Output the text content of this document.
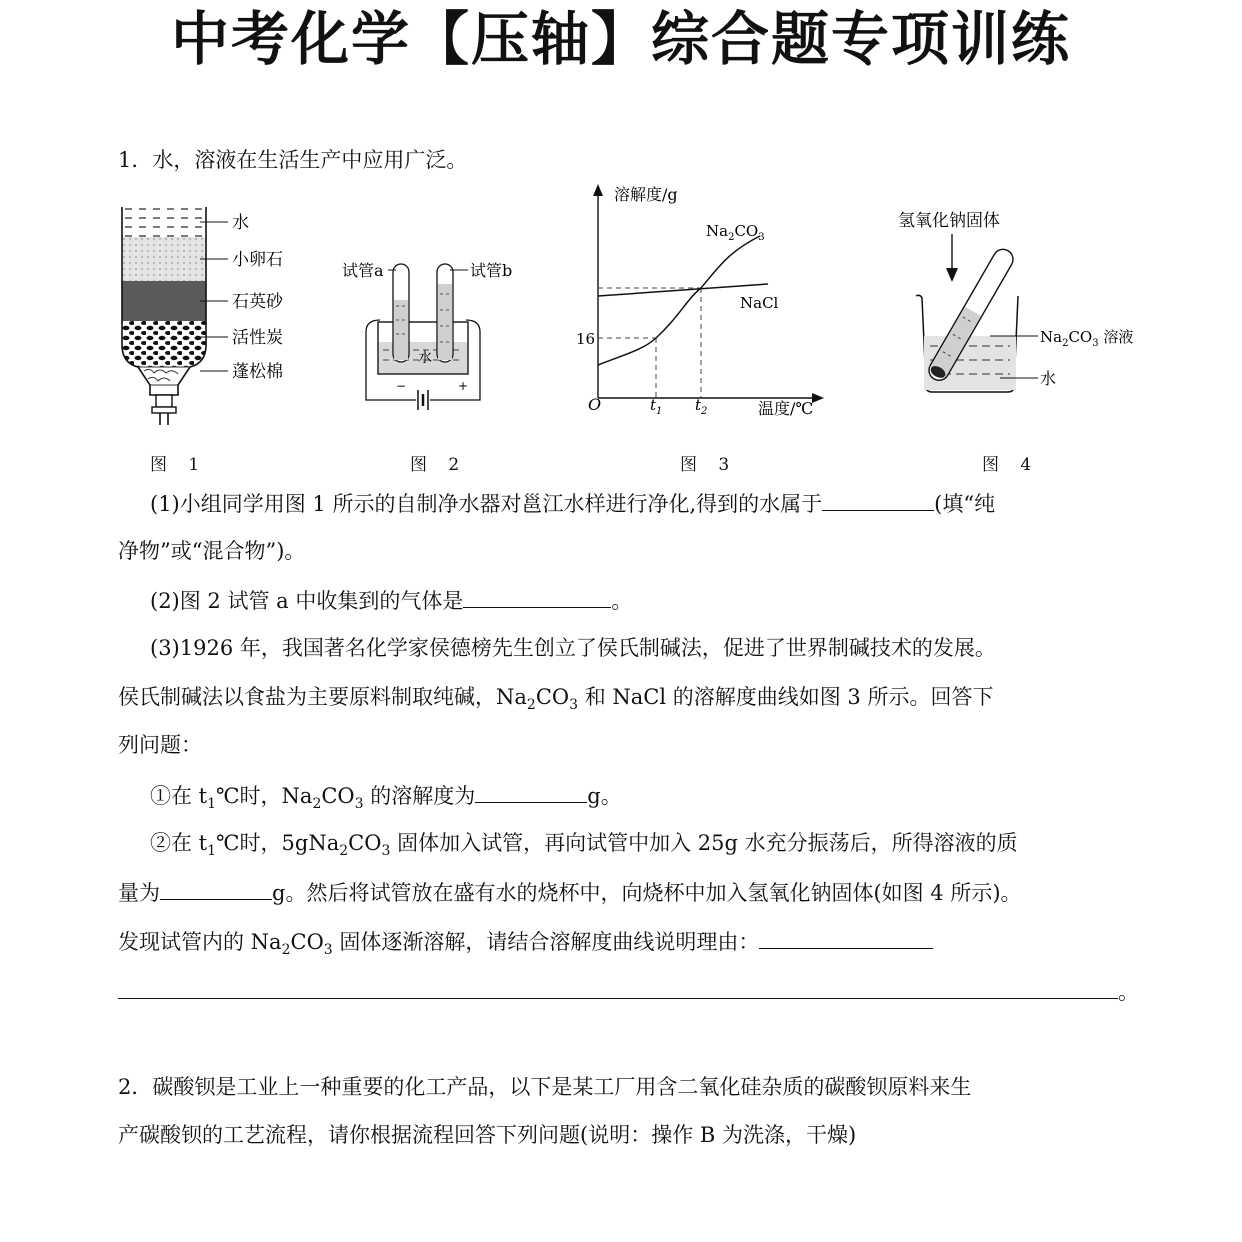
中考化学【压轴】综合题专项训练
1．水，溶液在生活生产中应用广泛。
水
小卵石
石英砂
活性炭
蓬松棉
图 1
水
−	+
试管a	试管b
图 2
溶解度/g
温度/℃
O
16
$t_1$ $t_2$
$Na_2CO_3$
NaCl
图 3
氢氧化钠固体
$Na_2CO_3$ 溶液
水
图 4
(1)小组同学用图 1 所示的自制净水器对邕江水样进行净化,得到的水属于	(填“纯
净物”或“混合物”)。
(2)图 2 试管 a 中收集到的气体是	。
(3)1926 年，我国著名化学家侯德榜先生创立了侯氏制碱法，促进了世界制碱技术的发展。
侯氏制碱法以食盐为主要原料制取纯碱，$Na_2CO_3$ 和 NaCl 的溶解度曲线如图 3 所示。回答下
列问题：
①在 $t_1℃$时，$Na_2CO_3$ 的溶解度为	g。
②在 $t_1℃$时，$5gNa_2CO_3$ 固体加入试管，再向试管中加入 25g 水充分振荡后，所得溶液的质
量为	g。然后将试管放在盛有水的烧杯中，向烧杯中加入氢氧化钠固体(如图 4 所示)。
发现试管内的 $Na_2CO_3$ 固体逐渐溶解，请结合溶解度曲线说明理由：
。
2．碳酸钡是工业上一种重要的化工产品，以下是某工厂用含二氧化硅杂质的碳酸钡原料来生
产碳酸钡的工艺流程，请你根据流程回答下列问题(说明：操作 B 为洗涤，干燥)
